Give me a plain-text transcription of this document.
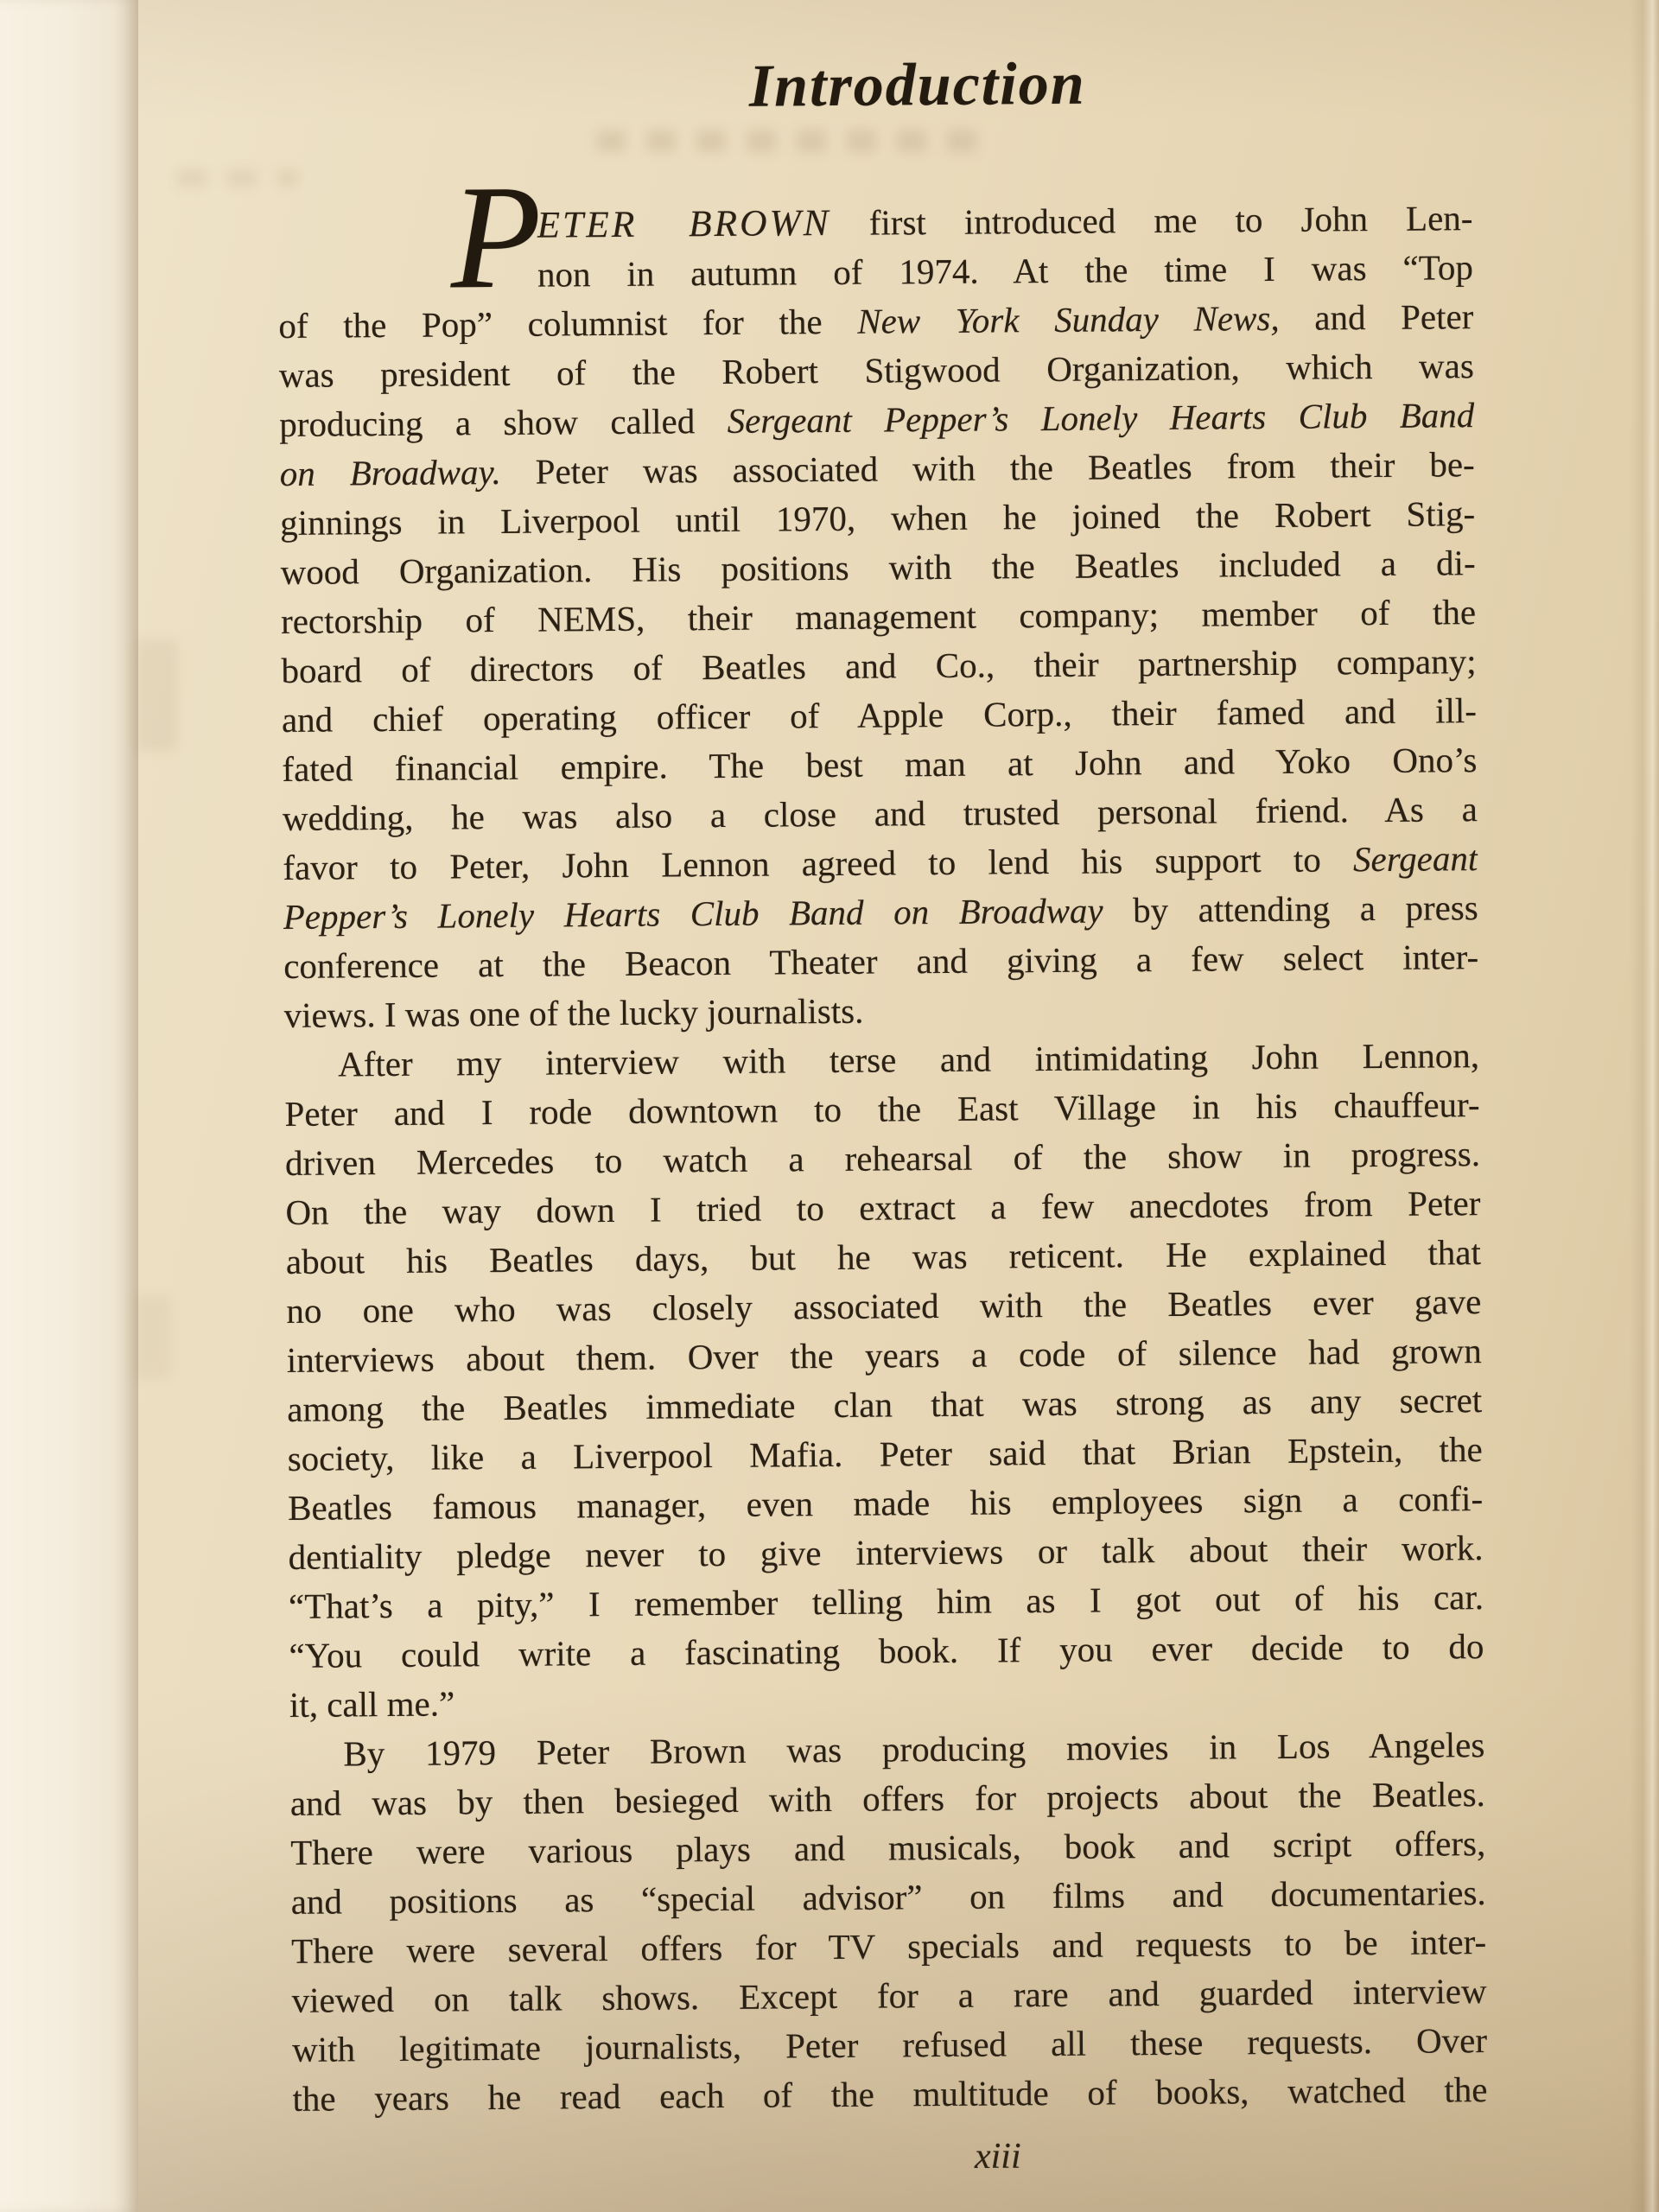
Introduction
P
ETER BROWN first introduced me to John Len-
non in autumn of 1974. At the time I was “Top
of the Pop” columnist for the New York Sunday News, and Peter
was president of the Robert Stigwood Organization, which was
producing a show called Sergeant Pepper’s Lonely Hearts Club Band
on Broadway. Peter was associated with the Beatles from their be-
ginnings in Liverpool until 1970, when he joined the Robert Stig-
wood Organization. His positions with the Beatles included a di-
rectorship of NEMS, their management company; member of the
board of directors of Beatles and Co., their partnership company;
and chief operating officer of Apple Corp., their famed and ill-
fated financial empire. The best man at John and Yoko Ono’s
wedding, he was also a close and trusted personal friend. As a
favor to Peter, John Lennon agreed to lend his support to Sergeant
Pepper’s Lonely Hearts Club Band on Broadway by attending a press
conference at the Beacon Theater and giving a few select inter-
views. I was one of the lucky journalists.
After my interview with terse and intimidating John Lennon,
Peter and I rode downtown to the East Village in his chauffeur-
driven Mercedes to watch a rehearsal of the show in progress.
On the way down I tried to extract a few anecdotes from Peter
about his Beatles days, but he was reticent. He explained that
no one who was closely associated with the Beatles ever gave
interviews about them. Over the years a code of silence had grown
among the Beatles immediate clan that was strong as any secret
society, like a Liverpool Mafia. Peter said that Brian Epstein, the
Beatles famous manager, even made his employees sign a confi-
dentiality pledge never to give interviews or talk about their work.
“That’s a pity,” I remember telling him as I got out of his car.
“You could write a fascinating book. If you ever decide to do
it, call me.”
By 1979 Peter Brown was producing movies in Los Angeles
and was by then besieged with offers for projects about the Beatles.
There were various plays and musicals, book and script offers,
and positions as “special advisor” on films and documentaries.
There were several offers for TV specials and requests to be inter-
viewed on talk shows. Except for a rare and guarded interview
with legitimate journalists, Peter refused all these requests. Over
the years he read each of the multitude of books, watched the
xiii
